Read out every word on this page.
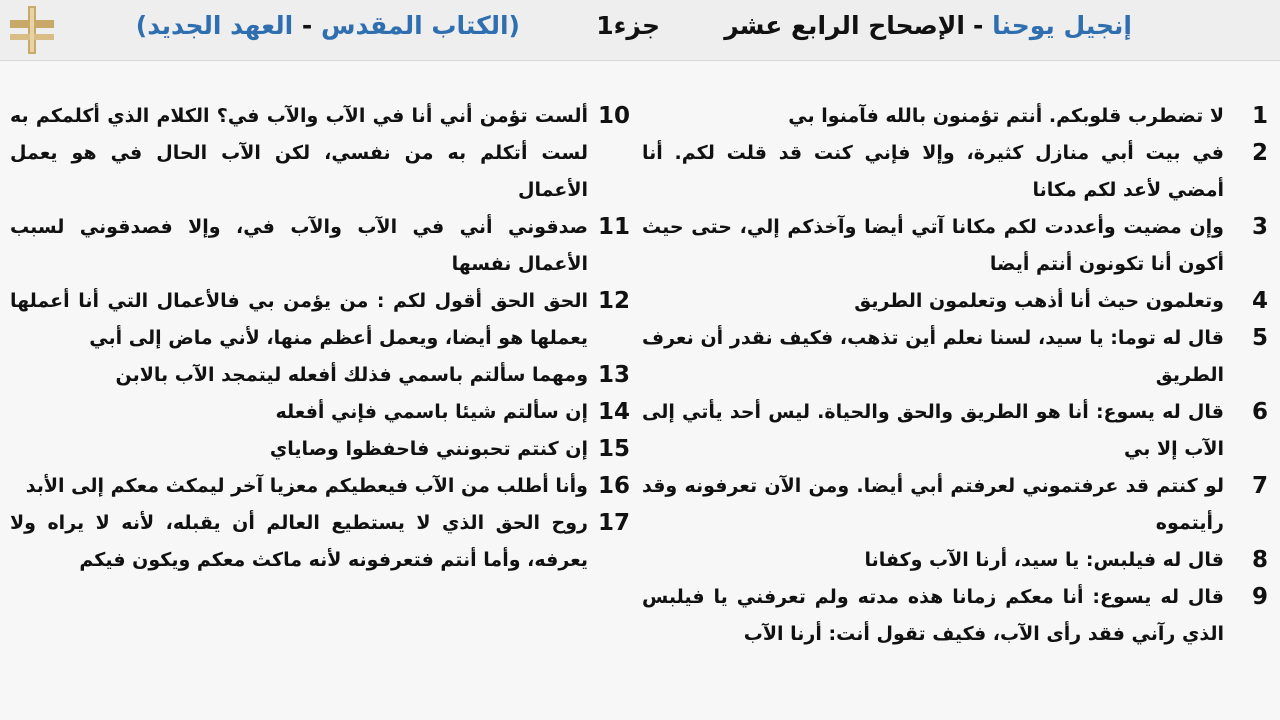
إنجيل يوحنا -
الإصحاح الرابع عشر
جزء1
(الكتاب المقدس - العهد الجديد)

1
لا تضطرب قلوبكم. أنتم تؤمنون بالله فآمنوا بي

2
في بيت أبي منازل كثيرة، وإلا فإني كنت قد قلت لكم. أنا أمضي لأعد لكم مكانا

3
وإن مضيت وأعددت لكم مكانا آتي أيضا وآخذكم إلي، حتى حيث أكون أنا تكونون أنتم أيضا

4
وتعلمون حيث أنا أذهب وتعلمون الطريق

5
قال له توما: يا سيد، لسنا نعلم أين تذهب، فكيف نقدر أن نعرف الطريق

6
قال له يسوع: أنا هو الطريق والحق والحياة. ليس أحد يأتي إلى الآب إلا بي

7
لو كنتم قد عرفتموني لعرفتم أبي أيضا. ومن الآن تعرفونه وقد رأيتموه

8
قال له فيلبس: يا سيد، أرنا الآب وكفانا

9
قال له يسوع: أنا معكم زمانا هذه مدته ولم تعرفني يا فيلبس الذي رآني فقد رأى الآب، فكيف تقول أنت: أرنا الآب

10
ألست تؤمن أني أنا في الآب والآب في؟ الكلام الذي أكلمكم به لست أتكلم به من نفسي، لكن الآب الحال في هو يعمل الأعمال

11
صدقوني أني في الآب والآب في، وإلا فصدقوني لسبب الأعمال نفسها

12
الحق الحق أقول لكم : من يؤمن بي فالأعمال التي أنا أعملها يعملها هو أيضا، ويعمل أعظم منها، لأني ماض إلى أبي

13
ومهما سألتم باسمي فذلك أفعله ليتمجد الآب بالابن

14
إن سألتم شيئا باسمي فإني أفعله

15
إن كنتم تحبونني فاحفظوا وصاياي

16
وأنا أطلب من الآب فيعطيكم معزيا آخر ليمكث معكم إلى الأبد

17
روح الحق الذي لا يستطيع العالم أن يقبله، لأنه لا يراه ولا يعرفه، وأما أنتم فتعرفونه لأنه ماكث معكم ويكون فيكم
